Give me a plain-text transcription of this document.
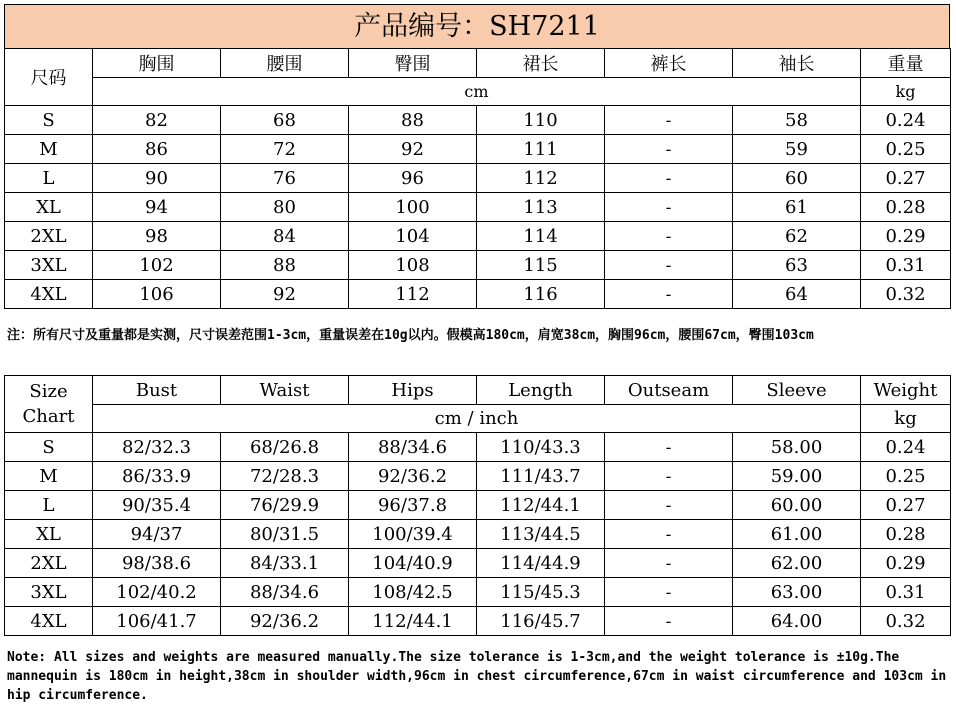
产品编号：SH7211
尺码	胸围	腰围	臀围	裙长	裤长	袖长	重量
	cm						kg
S	82	68	88	110	-	58	0.24
M	86	72	92	111	-	59	0.25
L	90	76	96	112	-	60	0.27
XL	94	80	100	113	-	61	0.28
2XL	98	84	104	114	-	62	0.29
3XL	102	88	108	115	-	63	0.31
4XL	106	92	112	116	-	64	0.32
注：所有尺寸及重量都是实测，尺寸误差范围1-3cm，重量误差在10g以内。假模高180cm，肩宽38cm，胸围96cm，腰围67cm，臀围103cm
Size
Chart	Bust	Waist	Hips	Length	Outseam	Sleeve	Weight
	cm / inch						kg
S	82/32.3	68/26.8	88/34.6	110/43.3	-	58.00	0.24
M	86/33.9	72/28.3	92/36.2	111/43.7	-	59.00	0.25
L	90/35.4	76/29.9	96/37.8	112/44.1	-	60.00	0.27
XL	94/37	80/31.5	100/39.4	113/44.5	-	61.00	0.28
2XL	98/38.6	84/33.1	104/40.9	114/44.9	-	62.00	0.29
3XL	102/40.2	88/34.6	108/42.5	115/45.3	-	63.00	0.31
4XL	106/41.7	92/36.2	112/44.1	116/45.7	-	64.00	0.32
Note: All sizes and weights are measured manually.The size tolerance is 1-3cm,and the weight tolerance is ±10g.The mannequin is 180cm in height,38cm in shoulder width,96cm in chest circumference,67cm in waist circumference and 103cm in hip circumference.
